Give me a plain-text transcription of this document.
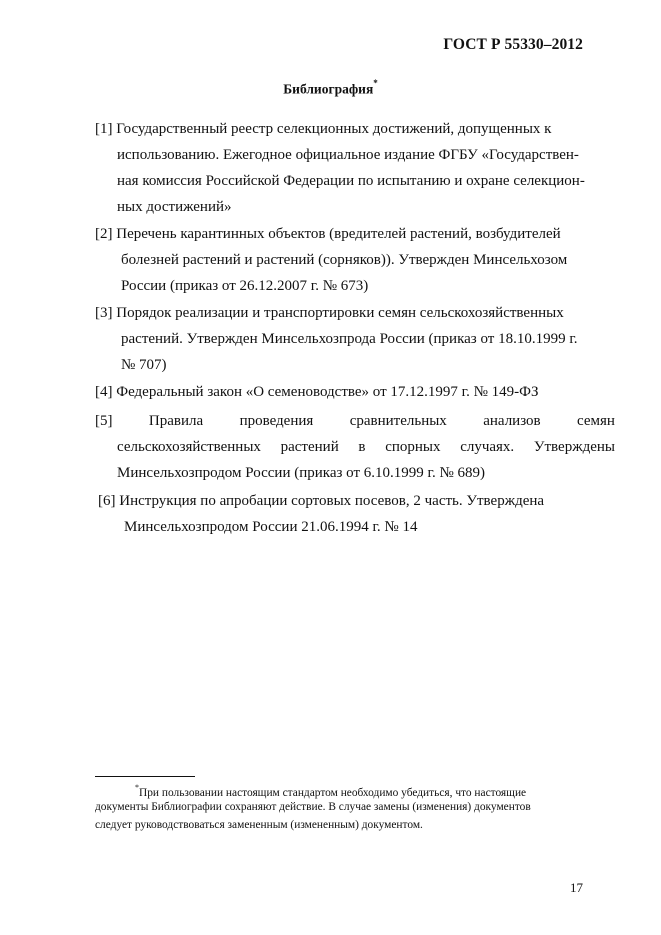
ГОСТ Р 55330–2012
Библиография*
[1] Государственный реестр селекционных достижений, допущенных к
использованию. Ежегодное официальное издание ФГБУ «Государствен-
ная комиссия Российской Федерации по испытанию и охране селекцион-
ных достижений»
[2] Перечень карантинных объектов (вредителей растений, возбудителей
болезней растений и растений (сорняков)). Утвержден Минсельхозом
России (приказ от 26.12.2007 г. № 673)
[3] Порядок реализации и транспортировки семян сельскохозяйственных
растений. Утвержден Минсельхозпрода России (приказ от 18.10.1999 г.
№ 707)
[4] Федеральный закон «О семеноводстве» от 17.12.1997 г. № 149-ФЗ
[5] Правила проведения сравнительных анализов семян
сельскохозяйственных растений в спорных случаях. Утверждены
Минсельхозпродом России (приказ от 6.10.1999 г. № 689)
[6] Инструкция по апробации сортовых посевов, 2 часть. Утверждена
Минсельхозпродом России 21.06.1994 г. № 14
*При пользовании настоящим стандартом необходимо убедиться, что настоящие
документы Библиографии сохраняют действие. В случае замены (изменения) документов
следует руководствоваться замененным (измененным) документом.
17
